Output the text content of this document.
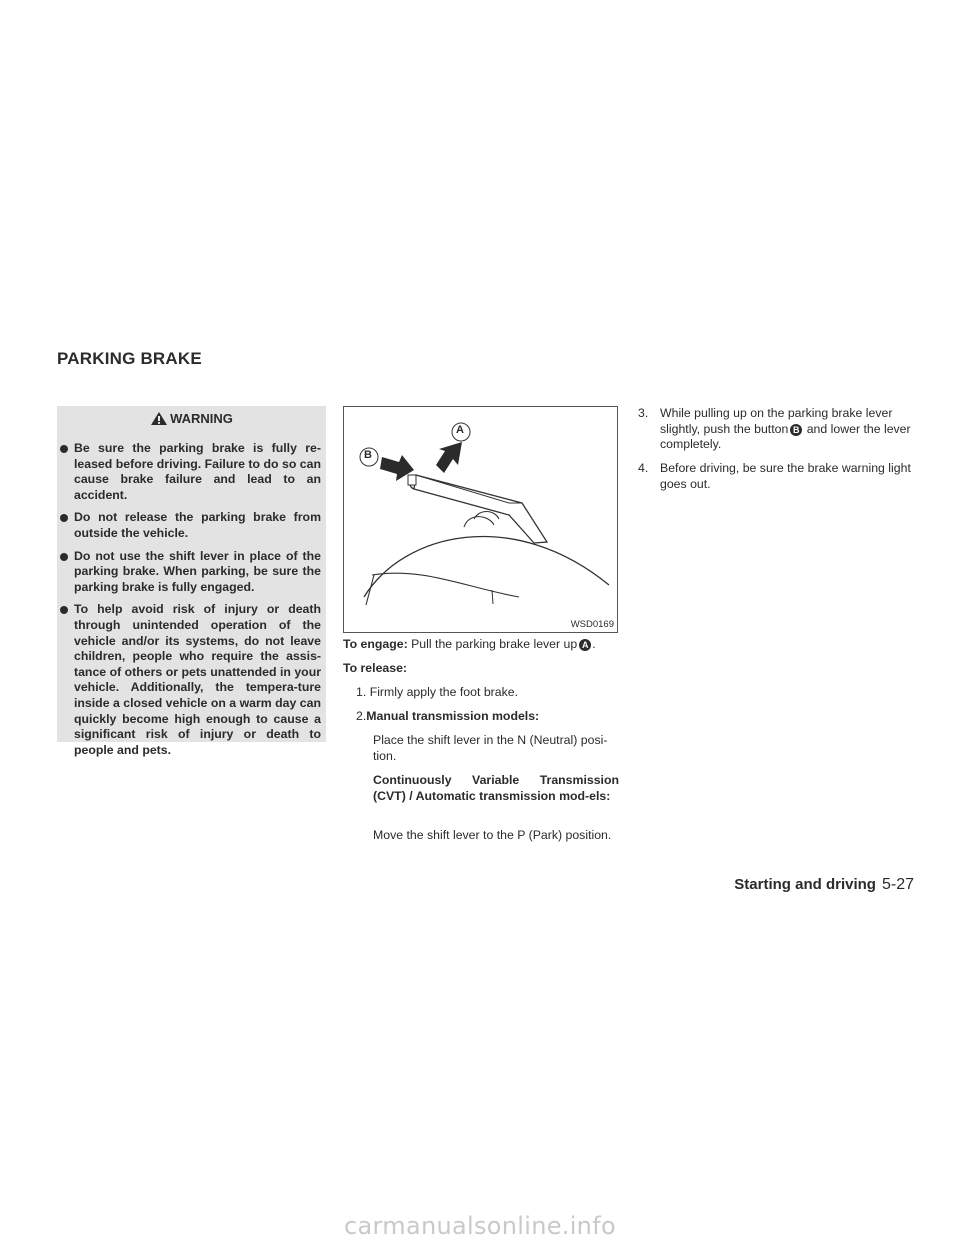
PARKING BRAKE
WARNING
Be sure the parking brake is fully re-leased before driving. Failure to do so can cause brake failure and lead to an accident.
Do not release the parking brake from outside the vehicle.
Do not use the shift lever in place of the parking brake. When parking, be sure the parking brake is fully engaged.
To help avoid risk of injury or death through unintended operation of the vehicle and/or its systems, do not leave children, people who require the assis-tance of others or pets unattended in your vehicle. Additionally, the tempera-ture inside a closed vehicle on a warm day can quickly become high enough to cause a significant risk of injury or death to people and pets.
B
A
WSD0169
To engage: Pull the parking brake lever up A .
To release:
1. Firmly apply the foot brake.
2.Manual transmission models:
Place the shift lever in the N (Neutral) posi-tion.
Continuously Variable Transmission (CVT) / Automatic transmission mod-els:
Move the shift lever to the P (Park) position.
3. While pulling up on the parking brake lever slightly, push the button B and lower the lever completely.
4. Before driving, be sure the brake warning light goes out.
Starting and driving 5-27
carmanualsonline.info
